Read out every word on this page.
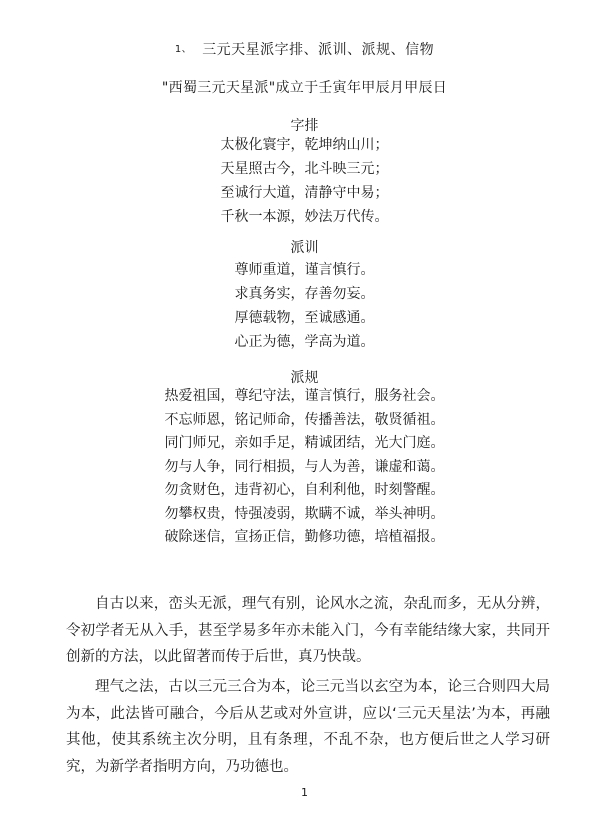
1、 三元天星派字排、派训、派规、信物
"西蜀三元天星派"成立于壬寅年甲辰月甲辰日
字排
太极化寰宇，乾坤纳山川；
天星照古今，北斗映三元；
至诚行大道，清静守中易；
千秋一本源，妙法万代传。
派训
尊师重道，谨言慎行。
求真务实，存善勿妄。
厚德载物，至诚感通。
心正为德，学高为道。
派规
热爱祖国，尊纪守法，谨言慎行，服务社会。
不忘师恩，铭记师命，传播善法，敬贤循祖。
同门师兄，亲如手足，精诚团结，光大门庭。
勿与人争，同行相损，与人为善，谦虚和蔼。
勿贪财色，违背初心，自利利他，时刻警醒。
勿攀权贵，恃强凌弱，欺瞒不诚，举头神明。
破除迷信，宣扬正信，勤修功德，培植福报。

自古以来，峦头无派，理气有别，论风水之流，杂乱而多，无从分辨，令初学者无从入手，甚至学易多年亦未能入门，今有幸能结缘大家，共同开创新的方法，以此留著而传于后世，真乃快哉。

理气之法，古以三元三合为本，论三元当以玄空为本，论三合则四大局为本，此法皆可融合，今后从艺或对外宣讲，应以‘三元天星法’为本，再融其他，使其系统主次分明，且有条理，不乱不杂，也方便后世之人学习研究，为新学者指明方向，乃功德也。

1
